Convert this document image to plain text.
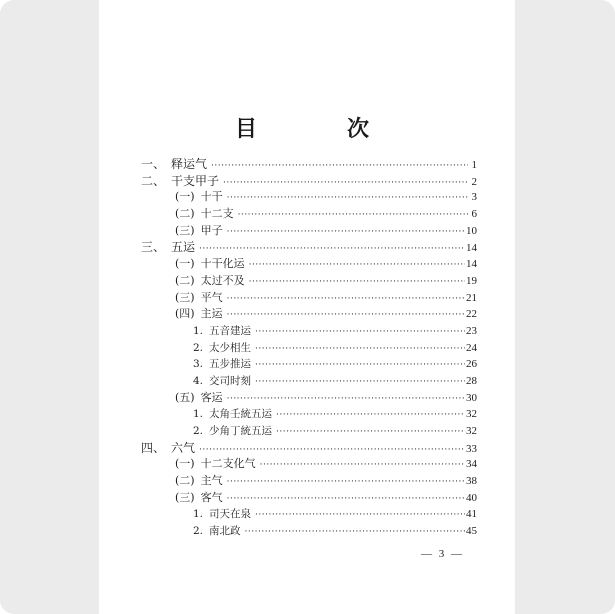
目　次
一、 释运气 ·····	1
二、 干支甲子 ·····	2
(一) 十干 ·····	3
(二) 十二支 ·····	6
(三) 甲子 ·····	10
三、 五运 ·····	14
(一) 十干化运 ·····	14
(二) 太过不及 ·····	19
(三) 平气 ·····	21
(四) 主运 ·····	22
1. 五音建运 ·····	23
2. 太少相生 ·····	24
3. 五步推运 ·····	26
4. 交司时刻 ·····	28
(五) 客运 ·····	30
1. 太角壬統五运 ·····	32
2. 少角丁統五运 ·····	32
四、 六气 ·····	33
(一) 十二支化气 ·····	34
(二) 主气 ·····	38
(三) 客气 ·····	40
1. 司天在泉 ·····	41
2. 南北政 ·····	45
— 3 —
